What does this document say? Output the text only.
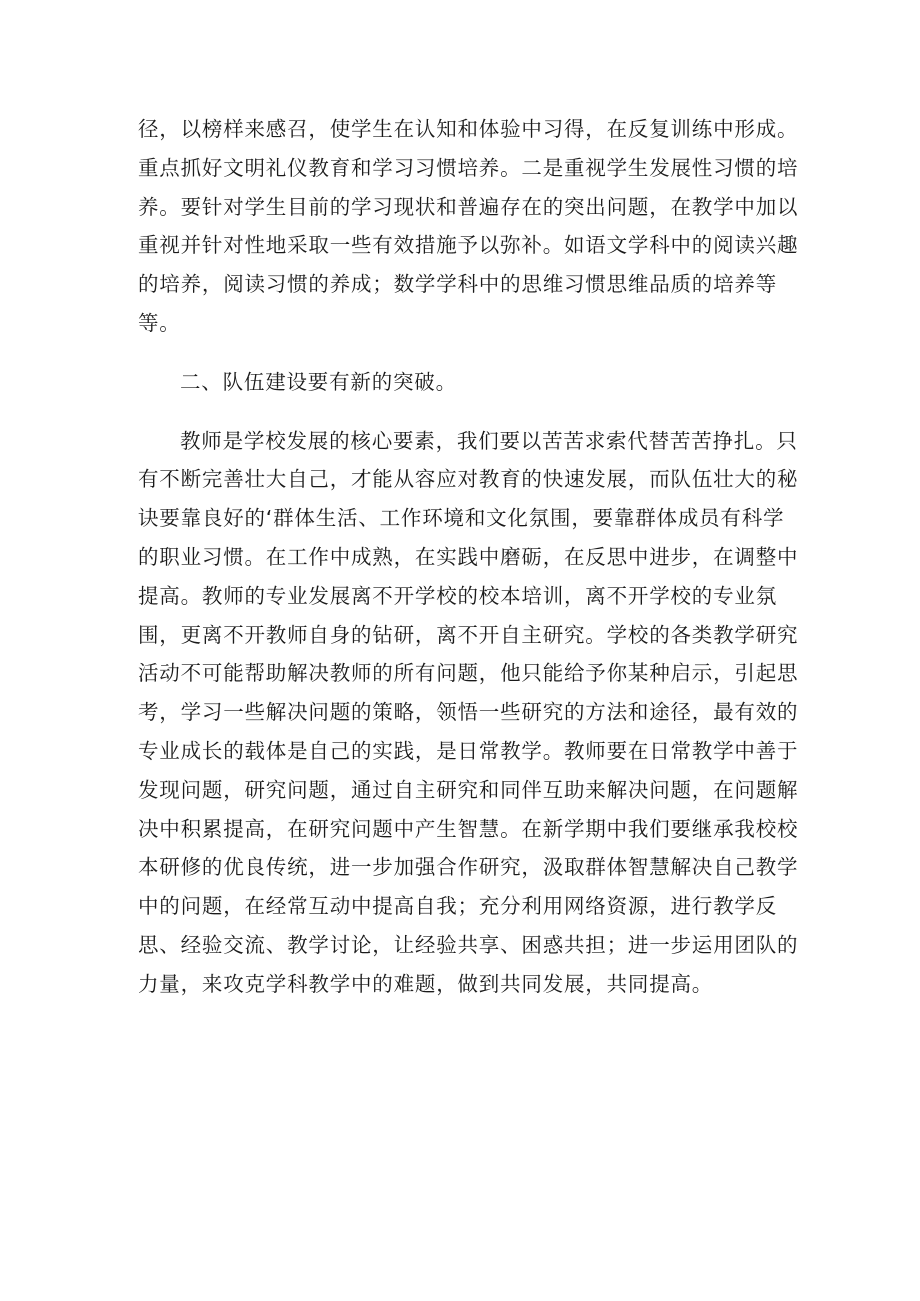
径，以榜样来感召，使学生在认知和体验中习得，在反复训练中形成。
重点抓好文明礼仪教育和学习习惯培养。二是重视学生发展性习惯的培
养。要针对学生目前的学习现状和普遍存在的突出问题，在教学中加以
重视并针对性地采取一些有效措施予以弥补。如语文学科中的阅读兴趣
的培养，阅读习惯的养成；数学学科中的思维习惯思维品质的培养等
等。
二、队伍建设要有新的突破。
教师是学校发展的核心要素，我们要以苦苦求索代替苦苦挣扎。只
有不断完善壮大自己，才能从容应对教育的快速发展，而队伍壮大的秘
诀要靠良好的‘群体生活、工作环境和文化氛围，要靠群体成员有科学
的职业习惯。在工作中成熟，在实践中磨砺，在反思中进步，在调整中
提高。教师的专业发展离不开学校的校本培训，离不开学校的专业氛
围，更离不开教师自身的钻研，离不开自主研究。学校的各类教学研究
活动不可能帮助解决教师的所有问题，他只能给予你某种启示，引起思
考，学习一些解决问题的策略，领悟一些研究的方法和途径，最有效的
专业成长的载体是自己的实践，是日常教学。教师要在日常教学中善于
发现问题，研究问题，通过自主研究和同伴互助来解决问题，在问题解
决中积累提高，在研究问题中产生智慧。在新学期中我们要继承我校校
本研修的优良传统，进一步加强合作研究，汲取群体智慧解决自己教学
中的问题，在经常互动中提高自我；充分利用网络资源，进行教学反
思、经验交流、教学讨论，让经验共享、困惑共担；进一步运用团队的
力量，来攻克学科教学中的难题，做到共同发展，共同提高。
